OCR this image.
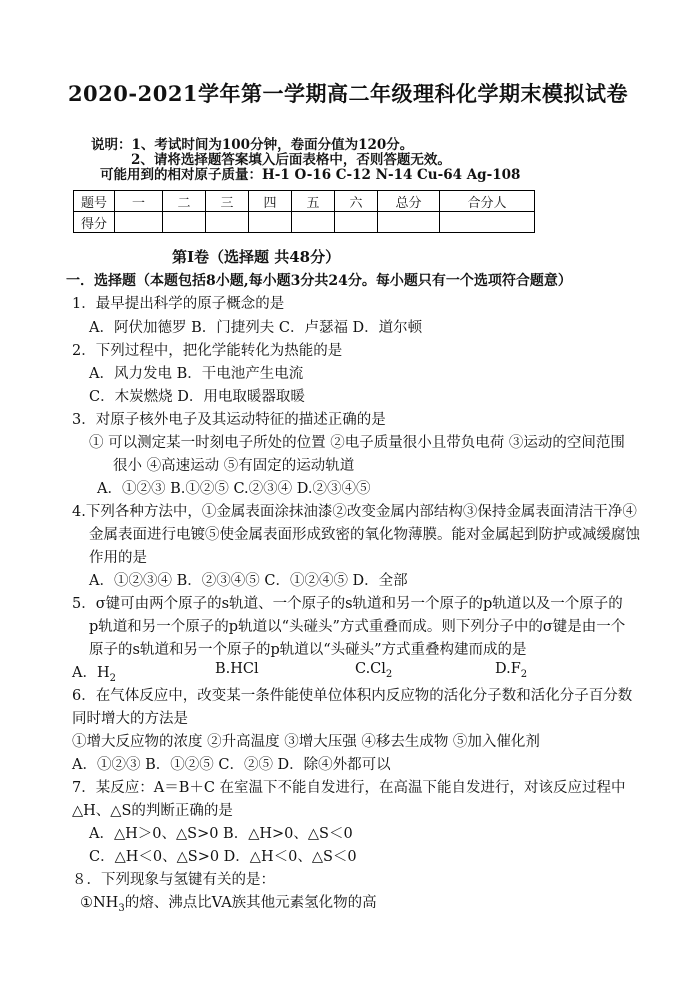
2020-2021学年第一学期高二年级理科化学期末模拟试卷
说明：1、考试时间为100分钟，卷面分值为120分。
2、请将选择题答案填入后面表格中，否则答题无效。
可能用到的相对原子质量：H-1 O-16 C-12 N-14 Cu-64 Ag-108
题号	一	二	三	四	五	六	总分	合分人
得分								
第Ⅰ卷（选择题 共48分）
一．选择题（本题包括8小题,每小题3分共24分。每小题只有一个选项符合题意）
1．最早提出科学的原子概念的是
A．阿伏加德罗 B．门捷列夫 C．卢瑟福 D．道尔顿
2．下列过程中，把化学能转化为热能的是
A．风力发电 B．干电池产生电流
C．木炭燃烧 D．用电取暖器取暖
3．对原子核外电子及其运动特征的描述正确的是
① 可以测定某一时刻电子所处的位置 ②电子质量很小且带负电荷 ③运动的空间范围
很小 ④高速运动 ⑤有固定的运动轨道
A．①②③ B.①②⑤ C.②③④ D.②③④⑤
4.下列各种方法中，①金属表面涂抹油漆②改变金属内部结构③保持金属表面清洁干净④
金属表面进行电镀⑤使金属表面形成致密的氧化物薄膜。能对金属起到防护或减缓腐蚀
作用的是
A．①②③④ B．②③④⑤ C．①②④⑤ D．全部
5．σ键可由两个原子的s轨道、一个原子的s轨道和另一个原子的p轨道以及一个原子的
p轨道和另一个原子的p轨道以“头碰头”方式重叠而成。则下列分子中的σ键是由一个
原子的s轨道和另一个原子的p轨道以“头碰头”方式重叠构建而成的是
A．$H_2$
B.HCl	$C.Cl_2$	$D.F_2$
6．在气体反应中，改变某一条件能使单位体积内反应物的活化分子数和活化分子百分数
同时增大的方法是
①增大反应物的浓度 ②升高温度 ③增大压强 ④移去生成物 ⑤加入催化剂
A．①②③ B．①②⑤ C．②⑤ D．除④外都可以
7．某反应：A＝B＋C 在室温下不能自发进行，在高温下能自发进行，对该反应过程中
△H、△S的判断正确的是
A．△H＞0、△S>0 B．△H>0、△S＜0
C．△H＜0、△S>0 D．△H＜0、△S＜0
８．下列现象与氢键有关的是：
$①NH_3$的熔、沸点比VA族其他元素氢化物的高
